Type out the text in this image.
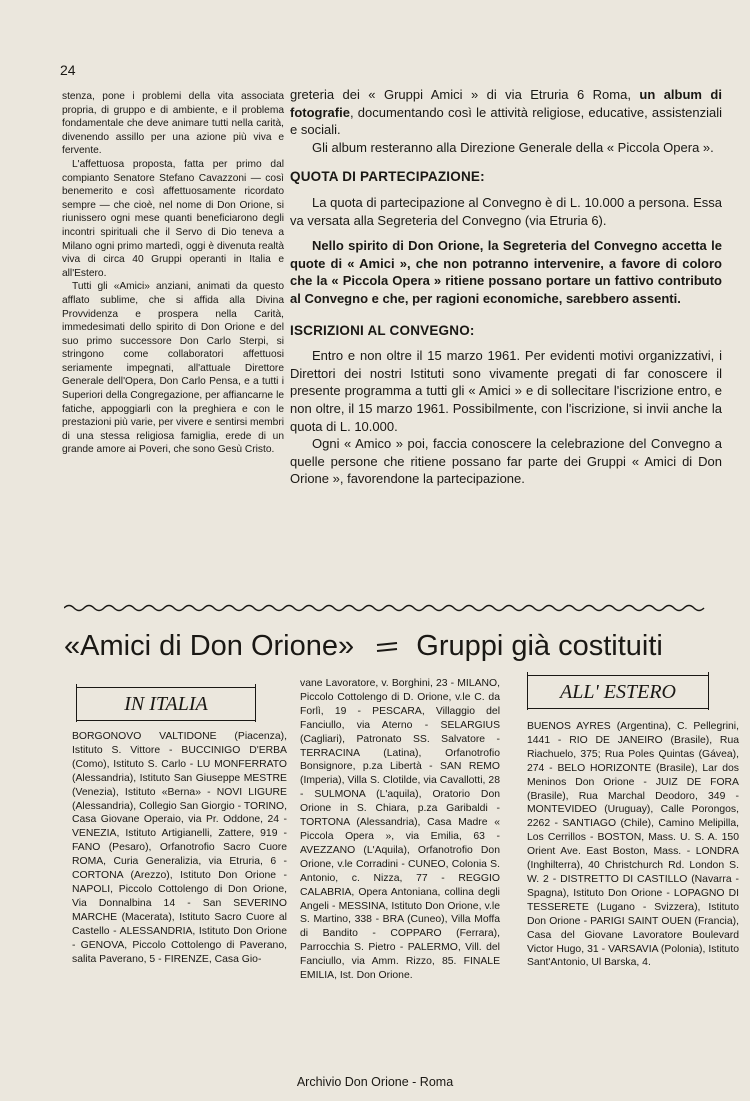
24

stenza, pone i problemi della vita associata propria, di gruppo e di ambiente, e il problema fondamentale che deve animare tutti nella carità, divenendo assillo per una azione più viva e fervente.

L'affettuosa proposta, fatta per primo dal compianto Senatore Stefano Cavazzoni — così benemerito e così affettuosamente ricordato sempre — che cioè, nel nome di Don Orione, si riunissero ogni mese quanti beneficiarono degli incontri spirituali che il Servo di Dio teneva a Milano ogni primo martedì, oggi è divenuta realtà viva di circa 40 Gruppi operanti in Italia e all'Estero.

Tutti gli «Amici» anziani, animati da questo afflato sublime, che si affida alla Divina Provvidenza e prospera nella Carità, immedesimati dello spirito di Don Orione e del suo primo successore Don Carlo Sterpi, si stringono come collaboratori affettuosi seriamente impegnati, all'attuale Direttore Generale dell'Opera, Don Carlo Pensa, e a tutti i Superiori della Congregazione, per affiancarne le fatiche, appoggiarli con la preghiera e con le prestazioni più varie, per vivere e sentirsi membri di una stessa religiosa famiglia, erede di un grande amore ai Poveri, che sono Gesù Cristo.

greteria dei « Gruppi Amici » di via Etruria 6 Roma, un album di fotografie, documentando così le attività religiose, educative, assistenziali e sociali.

Gli album resteranno alla Direzione Generale della « Piccola Opera ».

QUOTA DI PARTECIPAZIONE:

La quota di partecipazione al Convegno è di L. 10.000 a persona. Essa va versata alla Segreteria del Convegno (via Etruria 6).

Nello spirito di Don Orione, la Segreteria del Convegno accetta le quote di « Amici », che non potranno intervenire, a favore di coloro che la « Piccola Opera » ritiene possano portare un fattivo contributo al Convegno e che, per ragioni economiche, sarebbero assenti.

ISCRIZIONI AL CONVEGNO:

Entro e non oltre il 15 marzo 1961. Per evidenti motivi organizzativi, i Direttori dei nostri Istituti sono vivamente pregati di far conoscere il presente programma a tutti gli « Amici » e di sollecitare l'iscrizione entro, e non oltre, il 15 marzo 1961. Possibilmente, con l'iscrizione, si invii anche la quota di L. 10.000.

Ogni « Amico » poi, faccia conoscere la celebrazione del Convegno a quelle persone che ritiene possano far parte dei Gruppi « Amici di Don Orione », favorendone la partecipazione.

«Amici di Don Orione» Gruppi già costituiti
IN ITALIA
ALL' ESTERO

BORGONOVO VALTIDONE (Piacenza), Istituto S. Vittore - BUCCINIGO D'ERBA (Como), Istituto S. Carlo - LU MONFERRATO (Alessandria), Istituto San Giuseppe MESTRE (Venezia), Istituto «Berna» - NOVI LIGURE (Alessandria), Collegio San Giorgio - TORINO, Casa Giovane Operaio, via Pr. Oddone, 24 - VENEZIA, Istituto Artigianelli, Zattere, 919 - FANO (Pesaro), Orfanotrofio Sacro Cuore ROMA, Curia Generalizia, via Etruria, 6 - CORTONA (Arezzo), Istituto Don Orione - NAPOLI, Piccolo Cottolengo di Don Orione, Via Donnalbina 14 - San SEVERINO MARCHE (Macerata), Istituto Sacro Cuore al Castello - ALESSANDRIA, Istituto Don Orione - GENOVA, Piccolo Cottolengo di Paverano, salita Paverano, 5 - FIRENZE, Casa Gio-

vane Lavoratore, v. Borghini, 23 - MILANO, Piccolo Cottolengo di D. Orione, v.le C. da Forlì, 19 - PESCARA, Villaggio del Fanciullo, via Aterno - SELARGIUS (Cagliari), Patronato SS. Salvatore - TERRACINA (Latina), Orfanotrofio Bonsignore, p.za Libertà - SAN REMO (Imperia), Villa S. Clotilde, via Cavallotti, 28 - SULMONA (L'aquila), Oratorio Don Orione in S. Chiara, p.za Garibaldi - TORTONA (Alessandria), Casa Madre « Piccola Opera », via Emilia, 63 - AVEZZANO (L'Aquila), Orfanotrofio Don Orione, v.le Corradini - CUNEO, Colonia S. Antonio, c. Nizza, 77 - REGGIO CALABRIA, Opera Antoniana, collina degli Angeli - MESSINA, Istituto Don Orione, v.le S. Martino, 338 - BRA (Cuneo), Villa Moffa di Bandito - COPPARO (Ferrara), Parrocchia S. Pietro - PALERMO, Vill. del Fanciullo, via Amm. Rizzo, 85. FINALE EMILIA, Ist. Don Orione.

BUENOS AYRES (Argentina), C. Pellegrini, 1441 - RIO DE JANEIRO (Brasile), Rua Riachuelo, 375; Rua Poles Quintas (Gávea), 274 - BELO HORIZONTE (Brasile), Lar dos Meninos Don Orione - JUIZ DE FORA (Brasile), Rua Marchal Deodoro, 349 - MONTEVIDEO (Uruguay), Calle Porongos, 2262 - SANTIAGO (Chile), Camino Melipilla, Los Cerrillos - BOSTON, Mass. U. S. A. 150 Orient Ave. East Boston, Mass. - LONDRA (Inghilterra), 40 Christchurch Rd. London S. W. 2 - DISTRETTO DI CASTILLO (Navarra - Spagna), Istituto Don Orione - LOPAGNO DI TESSERETE (Lugano - Svizzera), Istituto Don Orione - PARIGI SAINT OUEN (Francia), Casa del Giovane Lavoratore Boulevard Victor Hugo, 31 - VARSAVIA (Polonia), Istituto Sant'Antonio, Ul Barska, 4.

Archivio Don Orione - Roma
